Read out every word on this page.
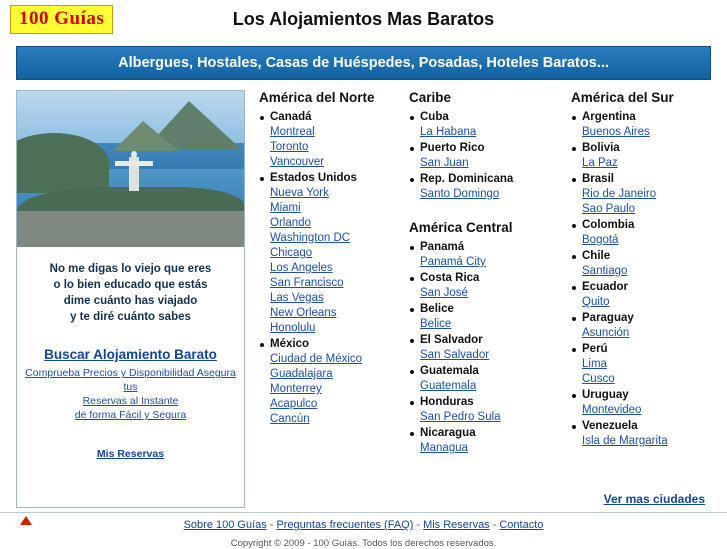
100 Guías	Los Alojamientos Mas Baratos
Albergues, Hostales, Casas de Huéspedes, Posadas, Hoteles Baratos...
No me digas lo viejo que eres
o lo bien educado que estás
dime cuánto has viajado
y te diré cuánto sabes
Buscar Alojamiento Barato
Comprueba Precios y Disponibilidad Asegura tus
Reservas al Instante
de forma Fácil y Segura
Mis Reservas
América del Norte
Canadá
Montreal
Toronto
Vancouver
Estados Unidos
Nueva York
Miami
Orlando
Washington DC
Chicago
Los Angeles
San Francisco
Las Vegas
New Orleans
Honolulu
México
Ciudad de México
Guadalajara
Monterrey
Acapulco
Cancún
Caribe
Cuba
La Habana
Puerto Rico
San Juan
Rep. Dominicana
Santo Domingo
América Central
Panamá
Panamá City
Costa Rica
San José
Belice
Belice
El Salvador
San Salvador
Guatemala
Guatemala
Honduras
San Pedro Sula
Nicaragua
Managua
América del Sur
Argentina
Buenos Aires
Bolivia
La Paz
Brasil
Rio de Janeiro
Sao Paulo
Colombia
Bogotá
Chile
Santiago
Ecuador
Quito
Paraguay
Asunción
Perú
Lima
Cusco
Uruguay
Montevideo
Venezuela
Isla de Margarita
Ver mas ciudades
Sobre 100 Guías - Preguntas frecuentes (FAQ) - Mis Reservas - Contacto
Copyright © 2009 - 100 Guías. Todos los derechos reservados.
